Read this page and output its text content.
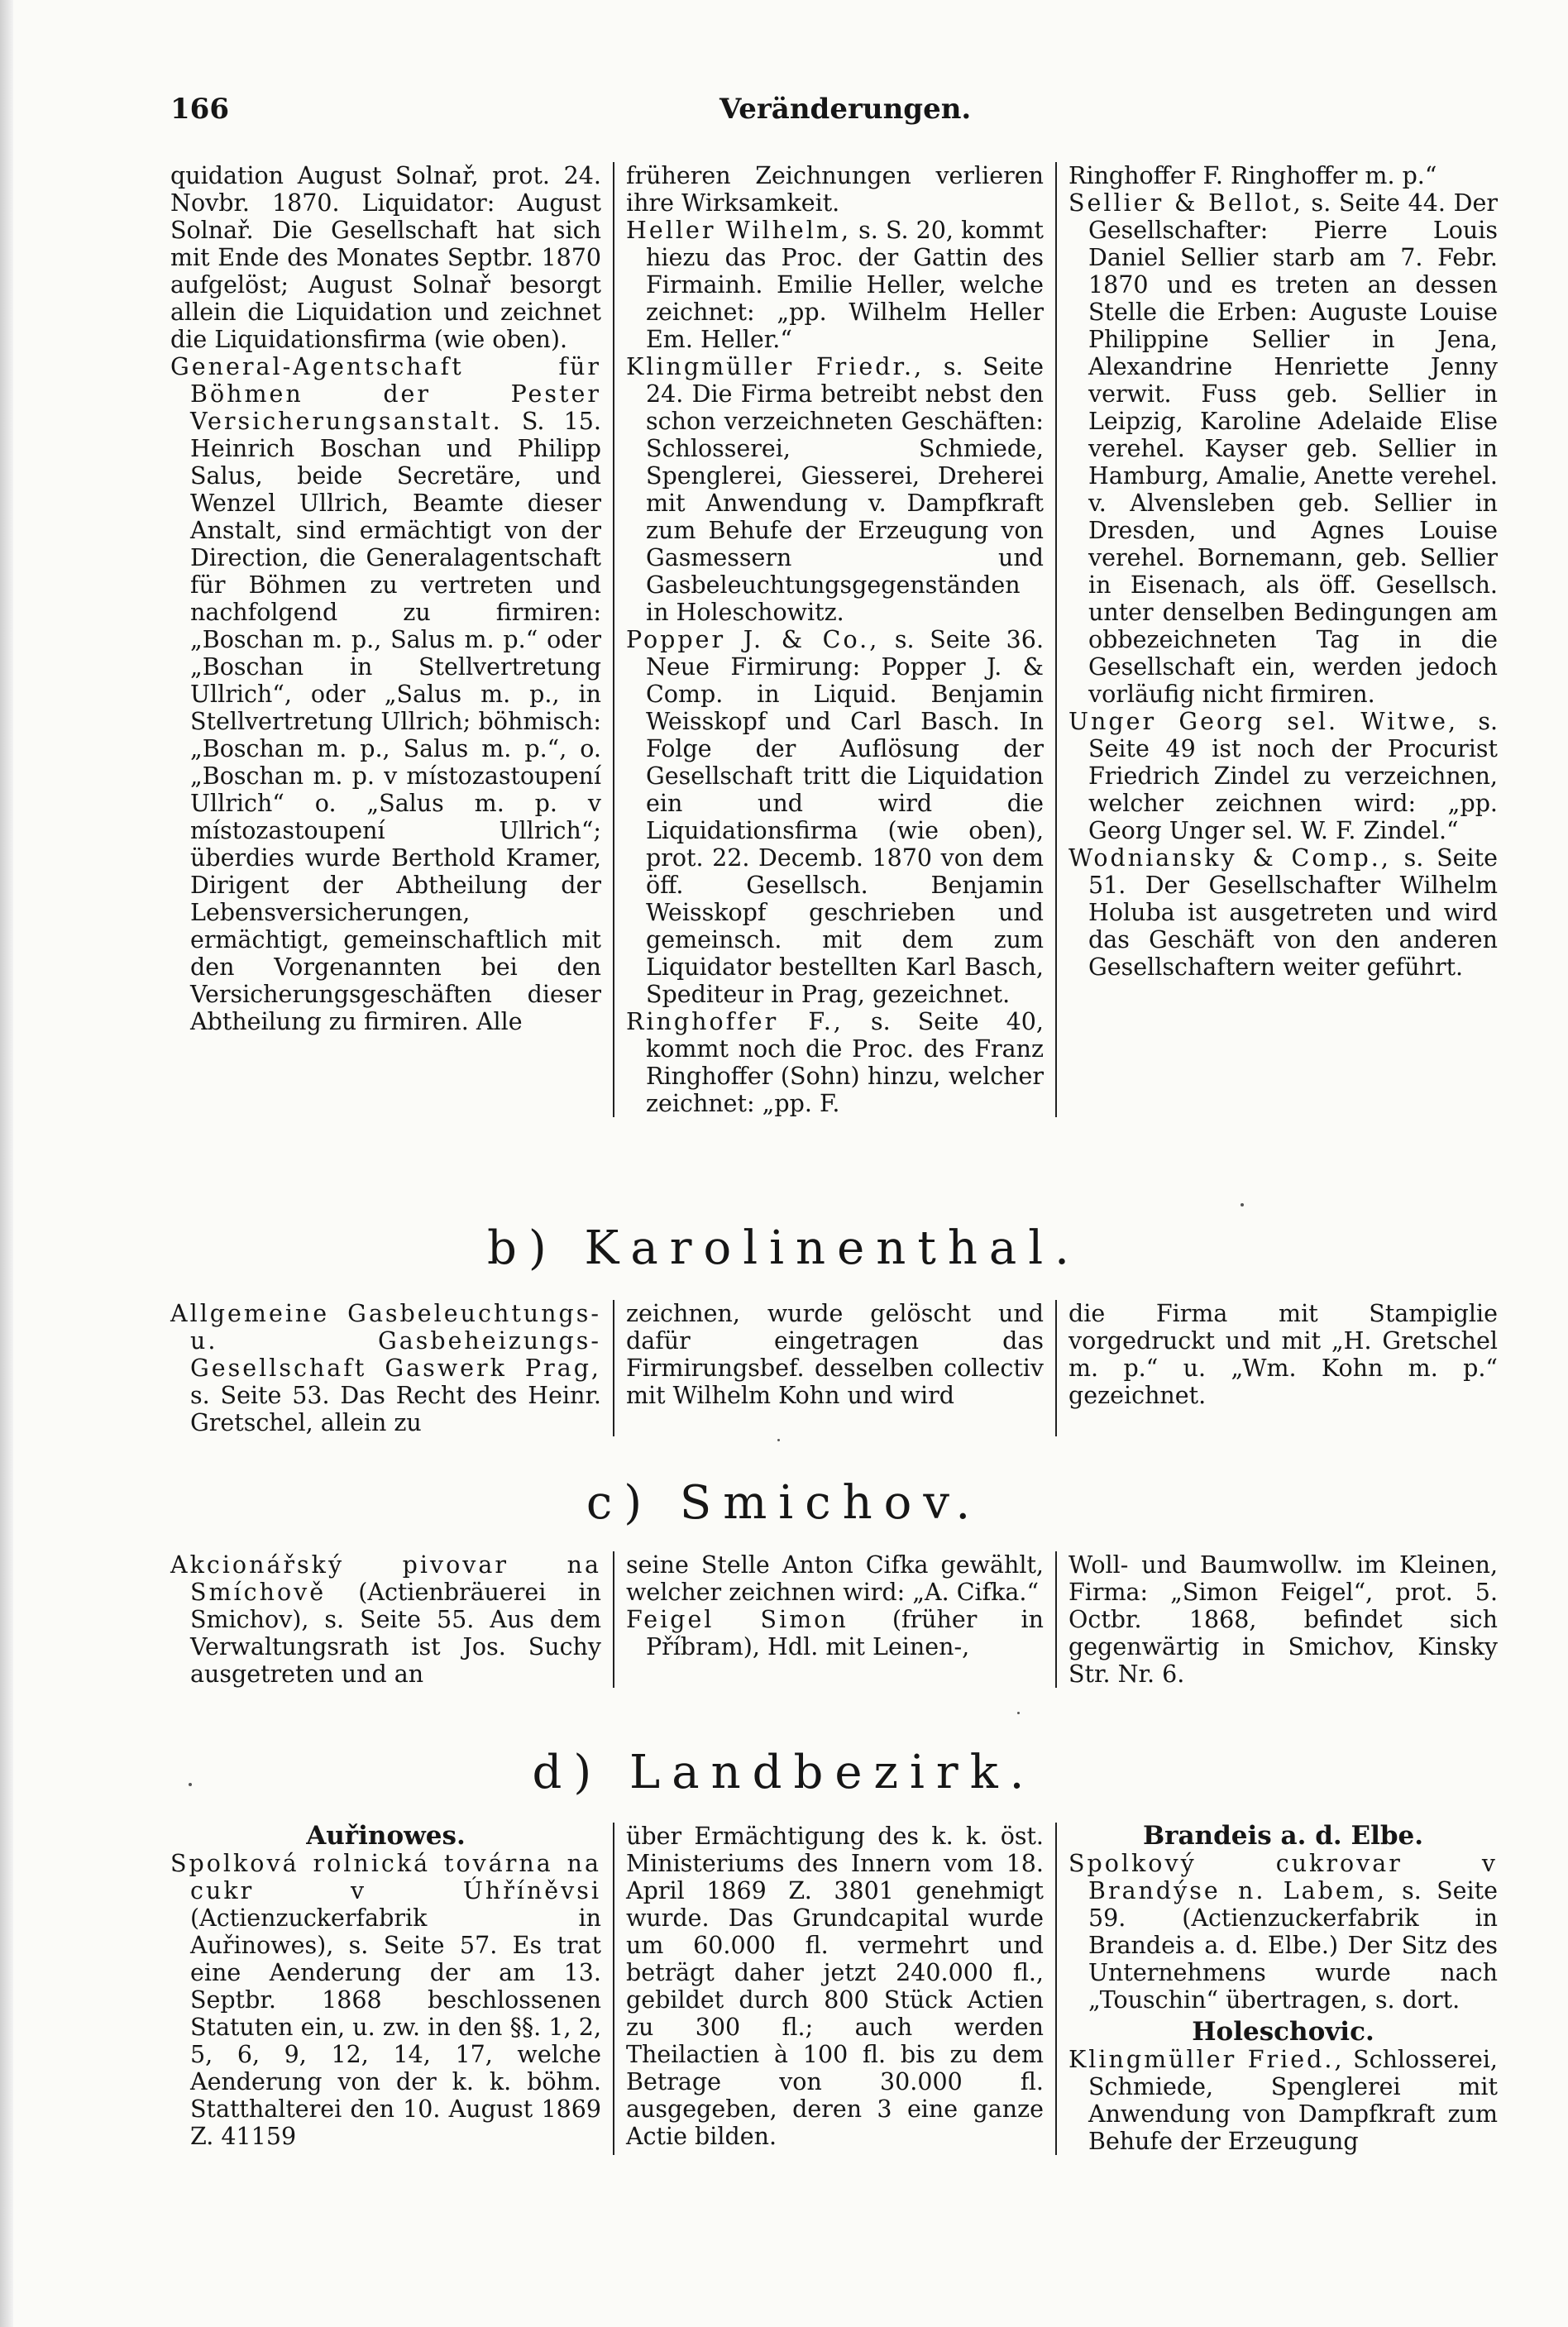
166	Veränderungen.

quidation August Solnař, prot. 24. Novbr. 1870. Liquidator: August Solnař. Die Gesellschaft hat sich mit Ende des Monates Septbr. 1870 aufgelöst; August Solnař besorgt allein die Liquidation und zeichnet die Liquidationsfirma (wie oben).

General-Agentschaft für Böhmen der Pester Versicherungsanstalt. S. 15. Heinrich Boschan und Philipp Salus, beide Secretäre, und Wenzel Ullrich, Beamte dieser Anstalt, sind ermächtigt von der Direction, die Generalagentschaft für Böhmen zu vertreten und nachfolgend zu firmiren: „Boschan m. p., Salus m. p.“ oder „Boschan in Stellvertretung Ullrich“, oder „Salus m. p., in Stellvertretung Ullrich; böhmisch: „Boschan m. p., Salus m. p.“, o. „Boschan m. p. v místozastoupení Ullrich“ o. „Salus m. p. v místozastoupení Ullrich“; überdies wurde Berthold Kramer, Dirigent der Abtheilung der Lebensversicherungen, ermächtigt, gemeinschaftlich mit den Vorgenannten bei den Versicherungsgeschäften dieser Abtheilung zu firmiren. Alle

früheren Zeichnungen verlieren ihre Wirksamkeit.

Heller Wilhelm, s. S. 20, kommt hiezu das Proc. der Gattin des Firmainh. Emilie Heller, welche zeichnet: „pp. Wilhelm Heller Em. Heller.“

Klingmüller Friedr., s. Seite 24. Die Firma betreibt nebst den schon verzeichneten Geschäften: Schlosserei, Schmiede, Spenglerei, Giesserei, Dreherei mit Anwendung v. Dampfkraft zum Behufe der Erzeugung von Gasmessern und Gasbeleuchtungsgegenständen in Holeschowitz.

Popper J. & Co., s. Seite 36. Neue Firmirung: Popper J. & Comp. in Liquid. Benjamin Weisskopf und Carl Basch. In Folge der Auflösung der Gesellschaft tritt die Liquidation ein und wird die Liquidationsfirma (wie oben), prot. 22. Decemb. 1870 von dem öff. Gesellsch. Benjamin Weisskopf geschrieben und gemeinsch. mit dem zum Liquidator bestellten Karl Basch, Spediteur in Prag, gezeichnet.

Ringhoffer F., s. Seite 40, kommt noch die Proc. des Franz Ringhoffer (Sohn) hinzu, welcher zeichnet: „pp. F.

Ringhoffer F. Ringhoffer m. p.“

Sellier & Bellot, s. Seite 44. Der Gesellschafter: Pierre Louis Daniel Sellier starb am 7. Febr. 1870 und es treten an dessen Stelle die Erben: Auguste Louise Philippine Sellier in Jena, Alexandrine Henriette Jenny verwit. Fuss geb. Sellier in Leipzig, Karoline Adelaide Elise verehel. Kayser geb. Sellier in Hamburg, Amalie, Anette verehel. v. Alvensleben geb. Sellier in Dresden, und Agnes Louise verehel. Bornemann, geb. Sellier in Eisenach, als öff. Gesellsch. unter denselben Bedingungen am obbezeichneten Tag in die Gesellschaft ein, werden jedoch vorläufig nicht firmiren.

Unger Georg sel. Witwe, s. Seite 49 ist noch der Procurist Friedrich Zindel zu verzeichnen, welcher zeichnen wird: „pp. Georg Unger sel. W. F. Zindel.“

Wodniansky & Comp., s. Seite 51. Der Gesellschafter Wilhelm Holuba ist ausgetreten und wird das Geschäft von den anderen Gesellschaftern weiter geführt.

b) Karolinenthal.

Allgemeine Gasbeleuchtungs- u. Gasbeheizungs-Gesellschaft Gaswerk Prag, s. Seite 53. Das Recht des Heinr. Gretschel, allein zu

zeichnen, wurde gelöscht und dafür eingetragen das Firmirungsbef. desselben collectiv mit Wilhelm Kohn und wird

die Firma mit Stampiglie vorgedruckt und mit „H. Gretschel m. p.“ u. „Wm. Kohn m. p.“ gezeichnet.

c) Smichov.

Akcionářský pivovar na Smíchově (Actienbräuerei in Smichov), s. Seite 55. Aus dem Verwaltungsrath ist Jos. Suchy ausgetreten und an

seine Stelle Anton Cifka gewählt, welcher zeichnen wird: „A. Cifka.“

Feigel Simon (früher in Příbram), Hdl. mit Leinen-,

Woll- und Baumwollw. im Kleinen, Firma: „Simon Feigel“, prot. 5. Octbr. 1868, befindet sich gegenwärtig in Smichov, Kinsky Str. Nr. 6.

d) Landbezirk.

Auřinowes.

Spolková rolnická továrna na cukr v Úhříněvsi (Actienzuckerfabrik in Auřinowes), s. Seite 57. Es trat eine Aenderung der am 13. Septbr. 1868 beschlossenen Statuten ein, u. zw. in den §§. 1, 2, 5, 6, 9, 12, 14, 17, welche Aenderung von der k. k. böhm. Statthalterei den 10. August 1869 Z. 41159

über Ermächtigung des k. k. öst. Ministeriums des Innern vom 18. April 1869 Z. 3801 genehmigt wurde. Das Grundcapital wurde um 60.000 fl. vermehrt und beträgt daher jetzt 240.000 fl., gebildet durch 800 Stück Actien zu 300 fl.; auch werden Theilactien à 100 fl. bis zu dem Betrage von 30.000 fl. ausgegeben, deren 3 eine ganze Actie bilden.

Brandeis a. d. Elbe.

Spolkový cukrovar v Brandýse n. Labem, s. Seite 59. (Actienzuckerfabrik in Brandeis a. d. Elbe.) Der Sitz des Unternehmens wurde nach „Touschin“ übertragen, s. dort.

Holeschovic.

Klingmüller Fried., Schlosserei, Schmiede, Spenglerei mit Anwendung von Dampfkraft zum Behufe der Erzeugung
